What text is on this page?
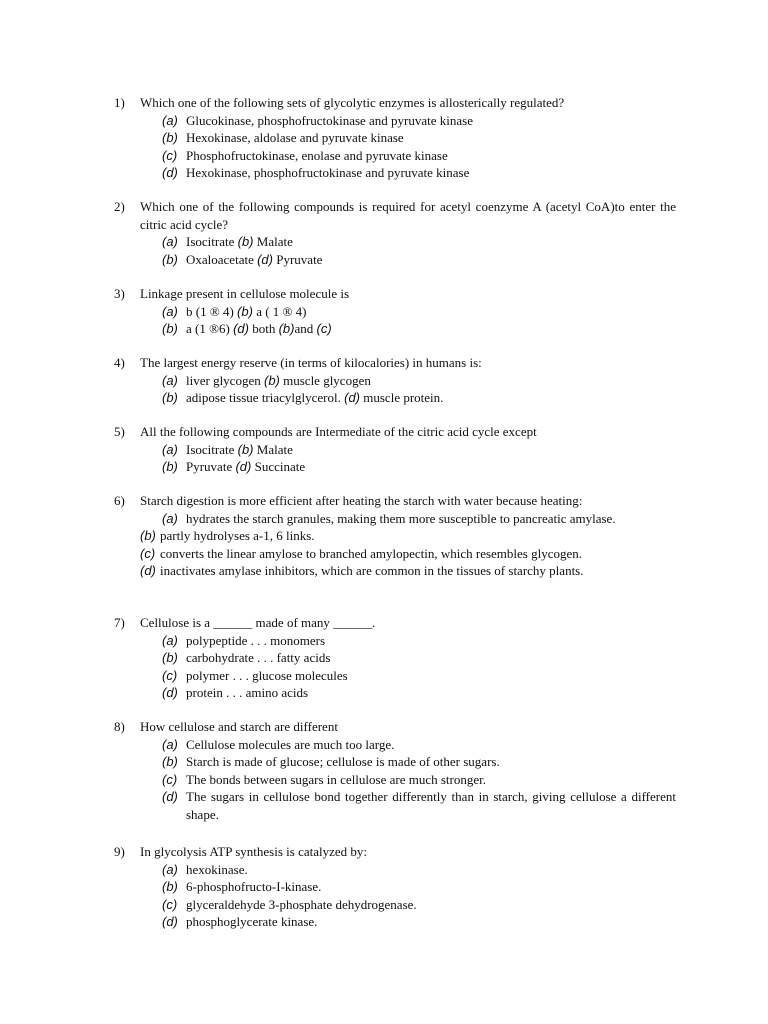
1) Which one of the following sets of glycolytic enzymes is allosterically regulated?
(a) Glucokinase, phosphofructokinase and pyruvate kinase
(b) Hexokinase, aldolase and pyruvate kinase
(c) Phosphofructokinase, enolase and pyruvate kinase
(d) Hexokinase, phosphofructokinase and pyruvate kinase
2) Which one of the following compounds is required for acetyl coenzyme A (acetyl CoA)to enter the citric acid cycle?
(a) Isocitrate (b) Malate
(b) Oxaloacetate (d) Pyruvate
3) Linkage present in cellulose molecule is
(a) b (1 ® 4) (b) a ( 1 ® 4)
(b) a (1 ®6) (d) both (b)and (c)
4) The largest energy reserve (in terms of kilocalories) in humans is:
(a) liver glycogen (b) muscle glycogen
(b) adipose tissue triacylglycerol. (d) muscle protein.
5) All the following compounds are Intermediate of the citric acid cycle except
(a) Isocitrate (b) Malate
(b) Pyruvate (d) Succinate
6) Starch digestion is more efficient after heating the starch with water because heating:
(a) hydrates the starch granules, making them more susceptible to pancreatic amylase.
(b) partly hydrolyses a-1, 6 links.
(c) converts the linear amylose to branched amylopectin, which resembles glycogen.
(d) inactivates amylase inhibitors, which are common in the tissues of starchy plants.
7) Cellulose is a ______ made of many ______.
(a) polypeptide . . . monomers
(b) carbohydrate . . . fatty acids
(c) polymer . . . glucose molecules
(d) protein . . . amino acids
8) How cellulose and starch are different
(a) Cellulose molecules are much too large.
(b) Starch is made of glucose; cellulose is made of other sugars.
(c) The bonds between sugars in cellulose are much stronger.
(d) The sugars in cellulose bond together differently than in starch, giving cellulose a different shape.
9) In glycolysis ATP synthesis is catalyzed by:
(a) hexokinase.
(b) 6-phosphofructo-I-kinase.
(c) glyceraldehyde 3-phosphate dehydrogenase.
(d) phosphoglycerate kinase.
